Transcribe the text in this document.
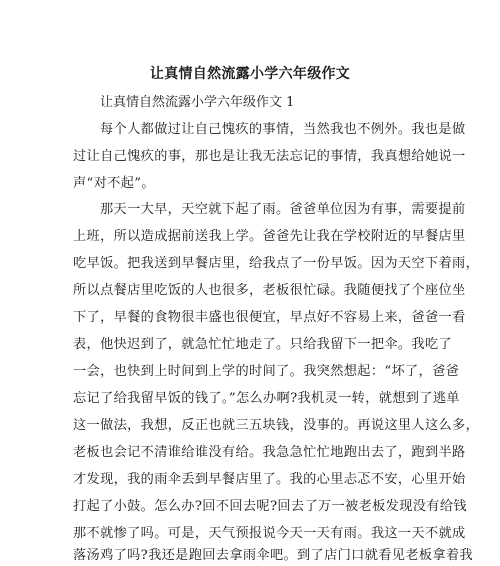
让真情自然流露小学六年级作文
让真情自然流露小学六年级作文 1
每个人都做过让自己愧疚的事情，当然我也不例外。我也是做
过让自己愧疚的事，那也是让我无法忘记的事情，我真想给她说一
声“对不起”。
那天一大早，天空就下起了雨。爸爸单位因为有事，需要提前
上班，所以造成据前送我上学。爸爸先让我在学校附近的早餐店里
吃早饭。把我送到早餐店里，给我点了一份早饭。因为天空下着雨，
所以点餐店里吃饭的人也很多，老板很忙碌。我随便找了个座位坐
下了，早餐的食物很丰盛也很便宜，早点好不容易上来，爸爸一看
表，他快迟到了，就急忙忙地走了。只给我留下一把伞。我吃了
一会，也快到上时间到上学的时间了。我突然想起：“坏了，爸爸
忘记了给我留早饭的钱了。”怎么办啊?我机灵一转，就想到了逃单
这一做法，我想，反正也就三五块钱，没事的。再说这里人这么多，
老板也会记不清谁给谁没有给。我急急忙忙地跑出去了，跑到半路
才发现，我的雨伞丢到早餐店里了。我的心里忐忑不安，心里开始
打起了小鼓。怎么办?回不回去呢?回去了万一被老板发现没有给钱
那不就惨了吗。可是，天气预报说今天一天有雨。我这一天不就成
落汤鸡了吗?我还是跑回去拿雨伞吧。到了店门口就看见老板拿着我
